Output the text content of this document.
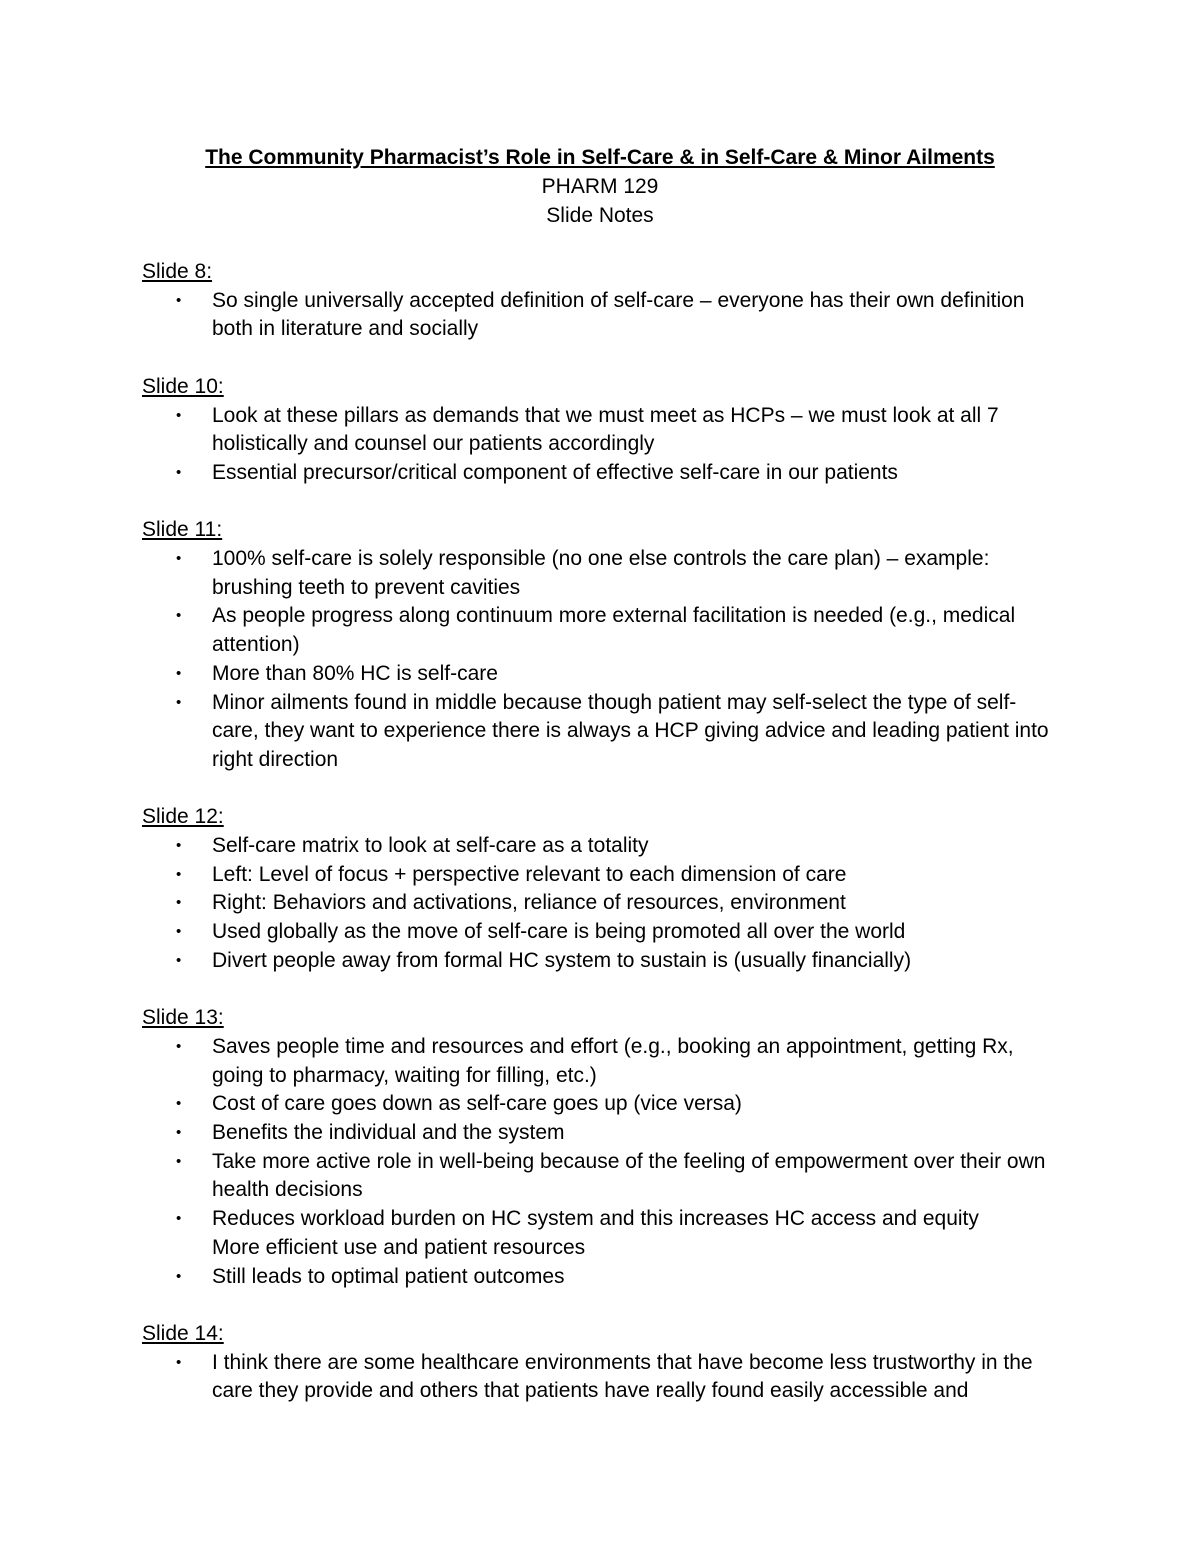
The Community Pharmacist’s Role in Self-Care & in Self-Care & Minor Ailments
PHARM 129
Slide Notes
Slide 8:
• So single universally accepted definition of self-care – everyone has their own definition both in literature and socially
Slide 10:
• Look at these pillars as demands that we must meet as HCPs – we must look at all 7 holistically and counsel our patients accordingly
• Essential precursor/critical component of effective self-care in our patients
Slide 11:
• 100% self-care is solely responsible (no one else controls the care plan) – example: brushing teeth to prevent cavities
• As people progress along continuum more external facilitation is needed (e.g., medical attention)
• More than 80% HC is self-care
• Minor ailments found in middle because though patient may self-select the type of self-care, they want to experience there is always a HCP giving advice and leading patient into right direction
Slide 12:
• Self-care matrix to look at self-care as a totality
• Left: Level of focus + perspective relevant to each dimension of care
• Right: Behaviors and activations, reliance of resources, environment
• Used globally as the move of self-care is being promoted all over the world
• Divert people away from formal HC system to sustain is (usually financially)
Slide 13:
• Saves people time and resources and effort (e.g., booking an appointment, getting Rx, going to pharmacy, waiting for filling, etc.)
• Cost of care goes down as self-care goes up (vice versa)
• Benefits the individual and the system
• Take more active role in well-being because of the feeling of empowerment over their own health decisions
• Reduces workload burden on HC system and this increases HC access and equity
More efficient use and patient resources
• Still leads to optimal patient outcomes
Slide 14:
• I think there are some healthcare environments that have become less trustworthy in the care they provide and others that patients have really found easily accessible and
